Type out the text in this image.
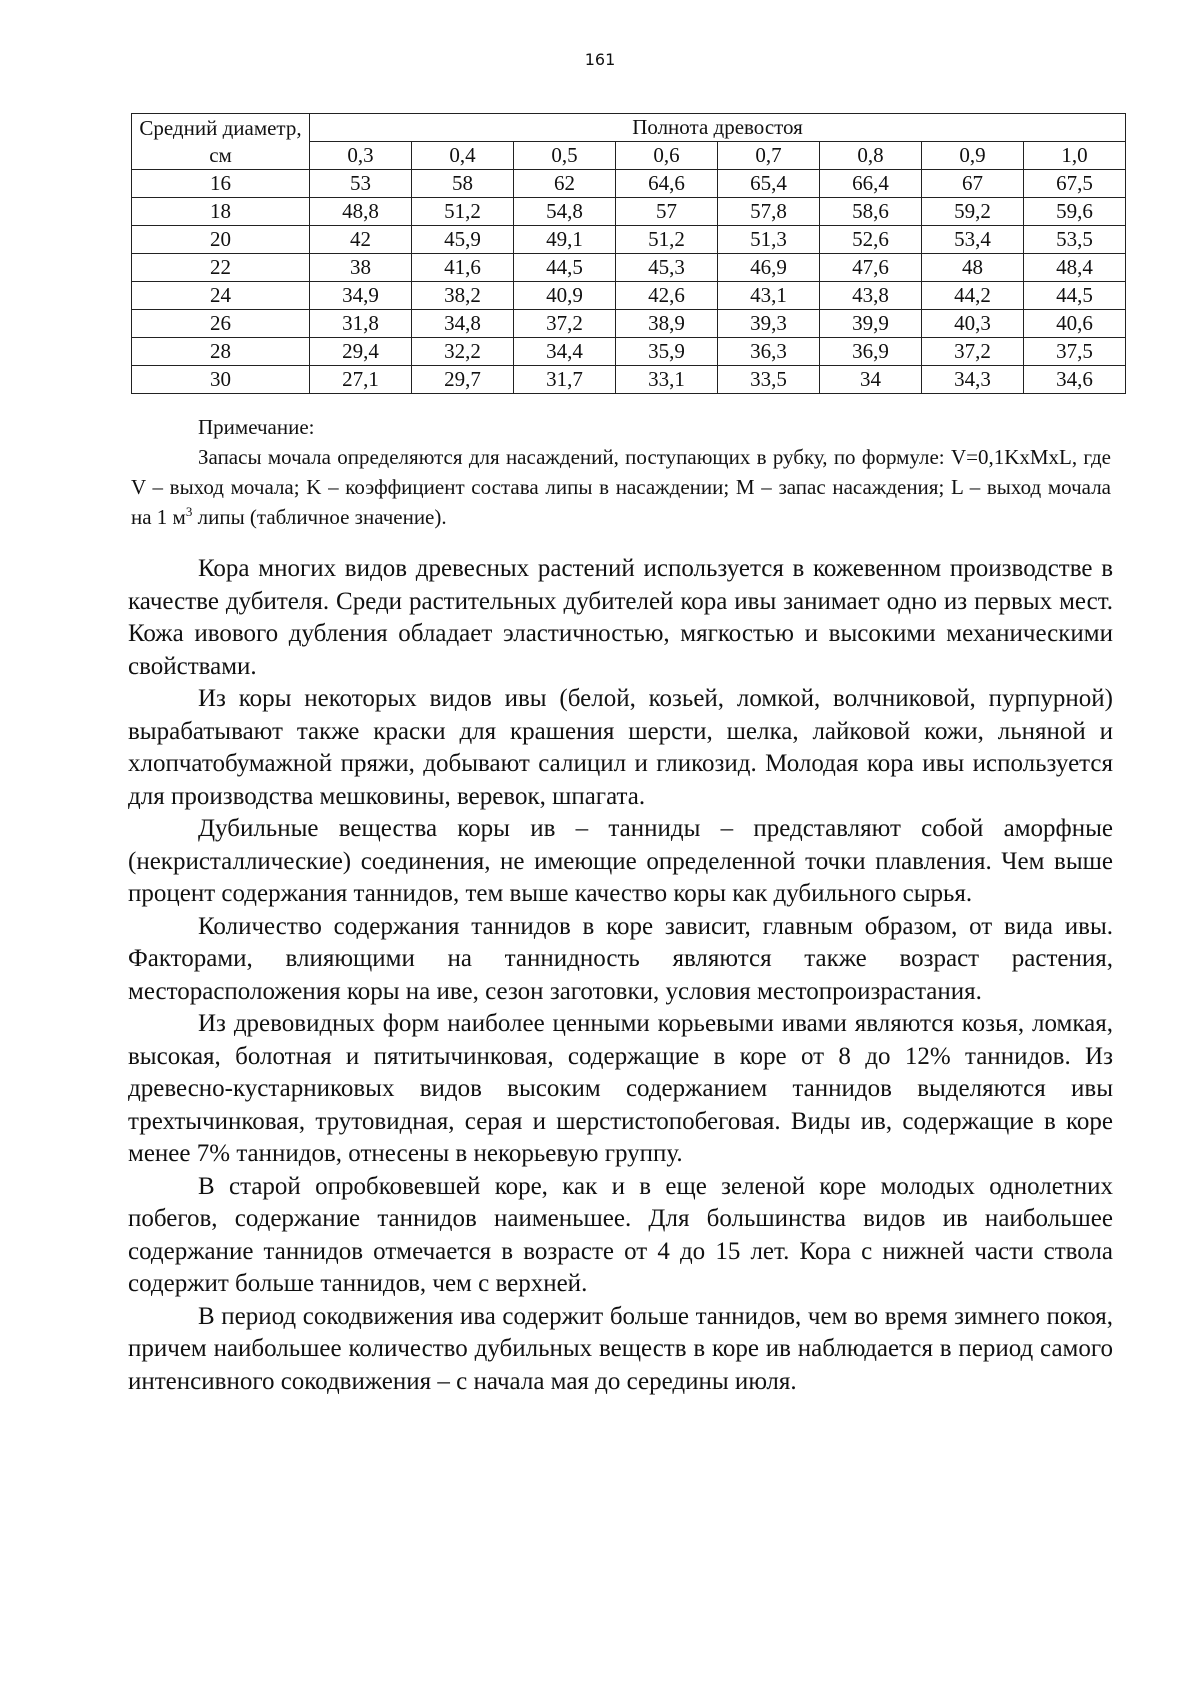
161
Средний диаметр, см	Полнота древостоя							
	0,3	0,4	0,5	0,6	0,7	0,8	0,9	1,0
16	53	58	62	64,6	65,4	66,4	67	67,5
18	48,8	51,2	54,8	57	57,8	58,6	59,2	59,6
20	42	45,9	49,1	51,2	51,3	52,6	53,4	53,5
22	38	41,6	44,5	45,3	46,9	47,6	48	48,4
24	34,9	38,2	40,9	42,6	43,1	43,8	44,2	44,5
26	31,8	34,8	37,2	38,9	39,3	39,9	40,3	40,6
28	29,4	32,2	34,4	35,9	36,3	36,9	37,2	37,5
30	27,1	29,7	31,7	33,1	33,5	34	34,3	34,6
Примечание:
Запасы мочала определяются для насаждений, поступающих в рубку, по формуле: V=0,1KxMxL, где V – выход мочала; K – коэффициент состава липы в насаждении; M – запас насаждения; L – выход мочала на 1 $м^3$ липы (табличное значение).

Кора многих видов древесных растений используется в кожевенном производстве в качестве дубителя. Среди растительных дубителей кора ивы занимает одно из первых мест. Кожа ивового дубления обладает эластичностью, мягкостью и высокими механическими свойствами.

Из коры некоторых видов ивы (белой, козьей, ломкой, волчниковой, пурпурной) вырабатывают также краски для крашения шерсти, шелка, лайковой кожи, льняной и хлопчатобумажной пряжи, добывают салицил и гликозид. Молодая кора ивы используется для производства мешковины, веревок, шпагата.

Дубильные вещества коры ив – танниды – представляют собой аморфные (некристаллические) соединения, не имеющие определенной точки плавления. Чем выше процент содержания таннидов, тем выше качество коры как дубильного сырья.

Количество содержания таннидов в коре зависит, главным образом, от вида ивы. Факторами, влияющими на таннидность являются также возраст растения, месторасположения коры на иве, сезон заготовки, условия местопроизрастания.

Из древовидных форм наиболее ценными корьевыми ивами являются козья, ломкая, высокая, болотная и пятитычинковая, содержащие в коре от 8 до 12% таннидов. Из древесно-кустарниковых видов высоким содержанием таннидов выделяются ивы трехтычинковая, трутовидная, серая и шерстистопобеговая. Виды ив, содержащие в коре менее 7% таннидов, отнесены в некорьевую группу.

В старой опробковевшей коре, как и в еще зеленой коре молодых однолетних побегов, содержание таннидов наименьшее. Для большинства видов ив наибольшее содержание таннидов отмечается в возрасте от 4 до 15 лет. Кора с нижней части ствола содержит больше таннидов, чем с верхней.

В период сокодвижения ива содержит больше таннидов, чем во время зимнего покоя, причем наибольшее количество дубильных веществ в коре ив наблюдается в период самого интенсивного сокодвижения – с начала мая до середины июля.
